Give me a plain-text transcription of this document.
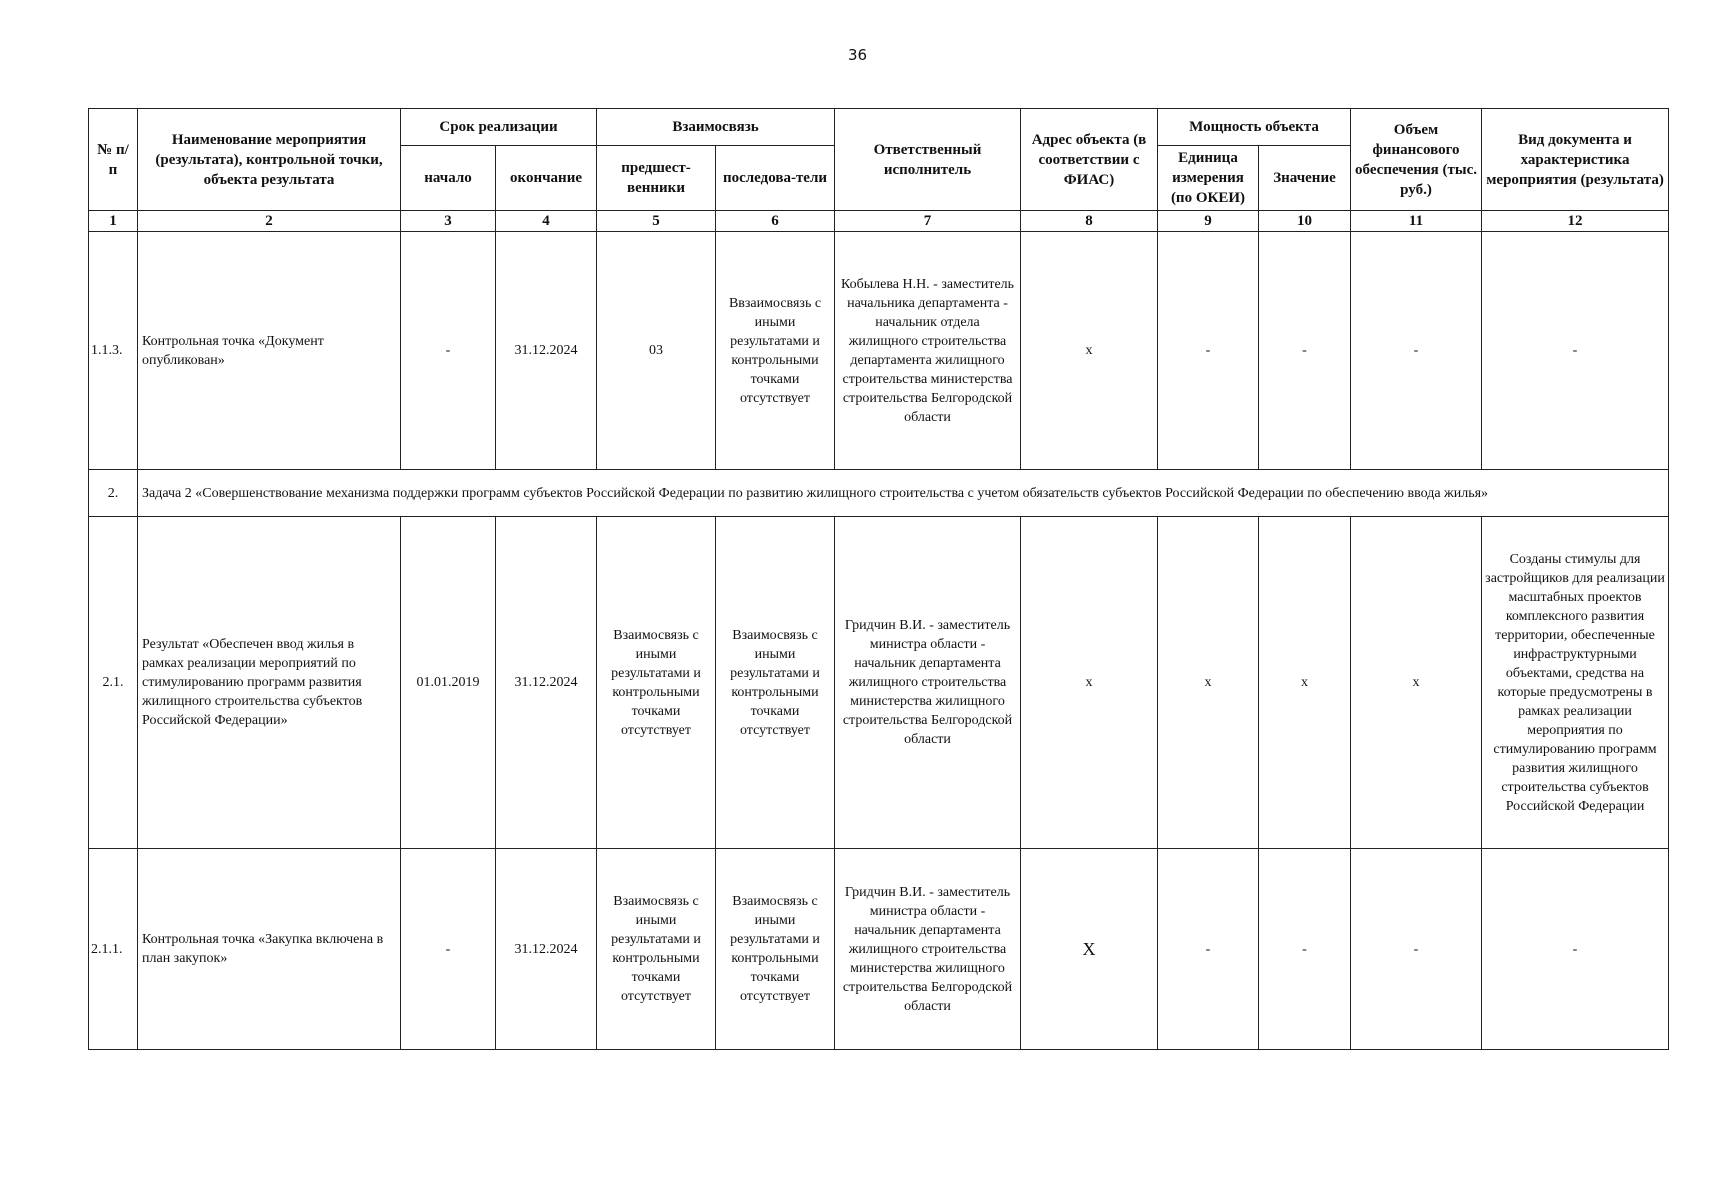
36
№ п/п	Наименование мероприятия (результата), контрольной точки, объекта результата	Срок реализации		Взаимосвязь		Ответственный исполнитель	Адрес объекта (в соответствии с ФИАС)	Мощность объекта		Объем финансового обеспечения (тыс. руб.)	Вид документа и характеристика мероприятия (результата)
		начало	окончание	предшест-венники	последова-тели			Единица измерения (по ОКЕИ)	Значение		
1	2	3	4	5	6	7	8	9	10	11	12
1.1.3.	Контрольная точка «Документ опубликован»	-	31.12.2024	03	Ввзаимосвязь с иными результатами и контрольными точками отсутствует	Кобылева Н.Н. - заместитель начальника департамента - начальник отдела жилищного строительства департамента жилищного строительства министерства строительства Белгородской области	x	-	-	-	-
2.	Задача 2 «Совершенствование механизма поддержки программ субъектов Российской Федерации по развитию жилищного строительства с учетом обязательств субъектов Российской Федерации по обеспечению ввода жилья»										
2.1.	Результат «Обеспечен ввод жилья в рамках реализации мероприятий по стимулированию программ развития жилищного строительства субъектов Российской Федерации»	01.01.2019	31.12.2024	Взаимосвязь с иными результатами и контрольными точками отсутствует	Взаимосвязь с иными результатами и контрольными точками отсутствует	Гридчин В.И. - заместитель министра области - начальник департамента жилищного строительства министерства жилищного строительства Белгородской области	x	x	x	x	Созданы стимулы для застройщиков для реализации масштабных проектов комплексного развития территории, обеспеченные инфраструктурными объектами, средства на которые предусмотрены в рамках реализации мероприятия по стимулированию программ развития жилищного строительства субъектов Российской Федерации
2.1.1.	Контрольная точка «Закупка включена в план закупок»	-	31.12.2024	Взаимосвязь с иными результатами и контрольными точками отсутствует	Взаимосвязь с иными результатами и контрольными точками отсутствует	Гридчин В.И. - заместитель министра области - начальник департамента жилищного строительства министерства жилищного строительства Белгородской области	X	-	-	-	-
